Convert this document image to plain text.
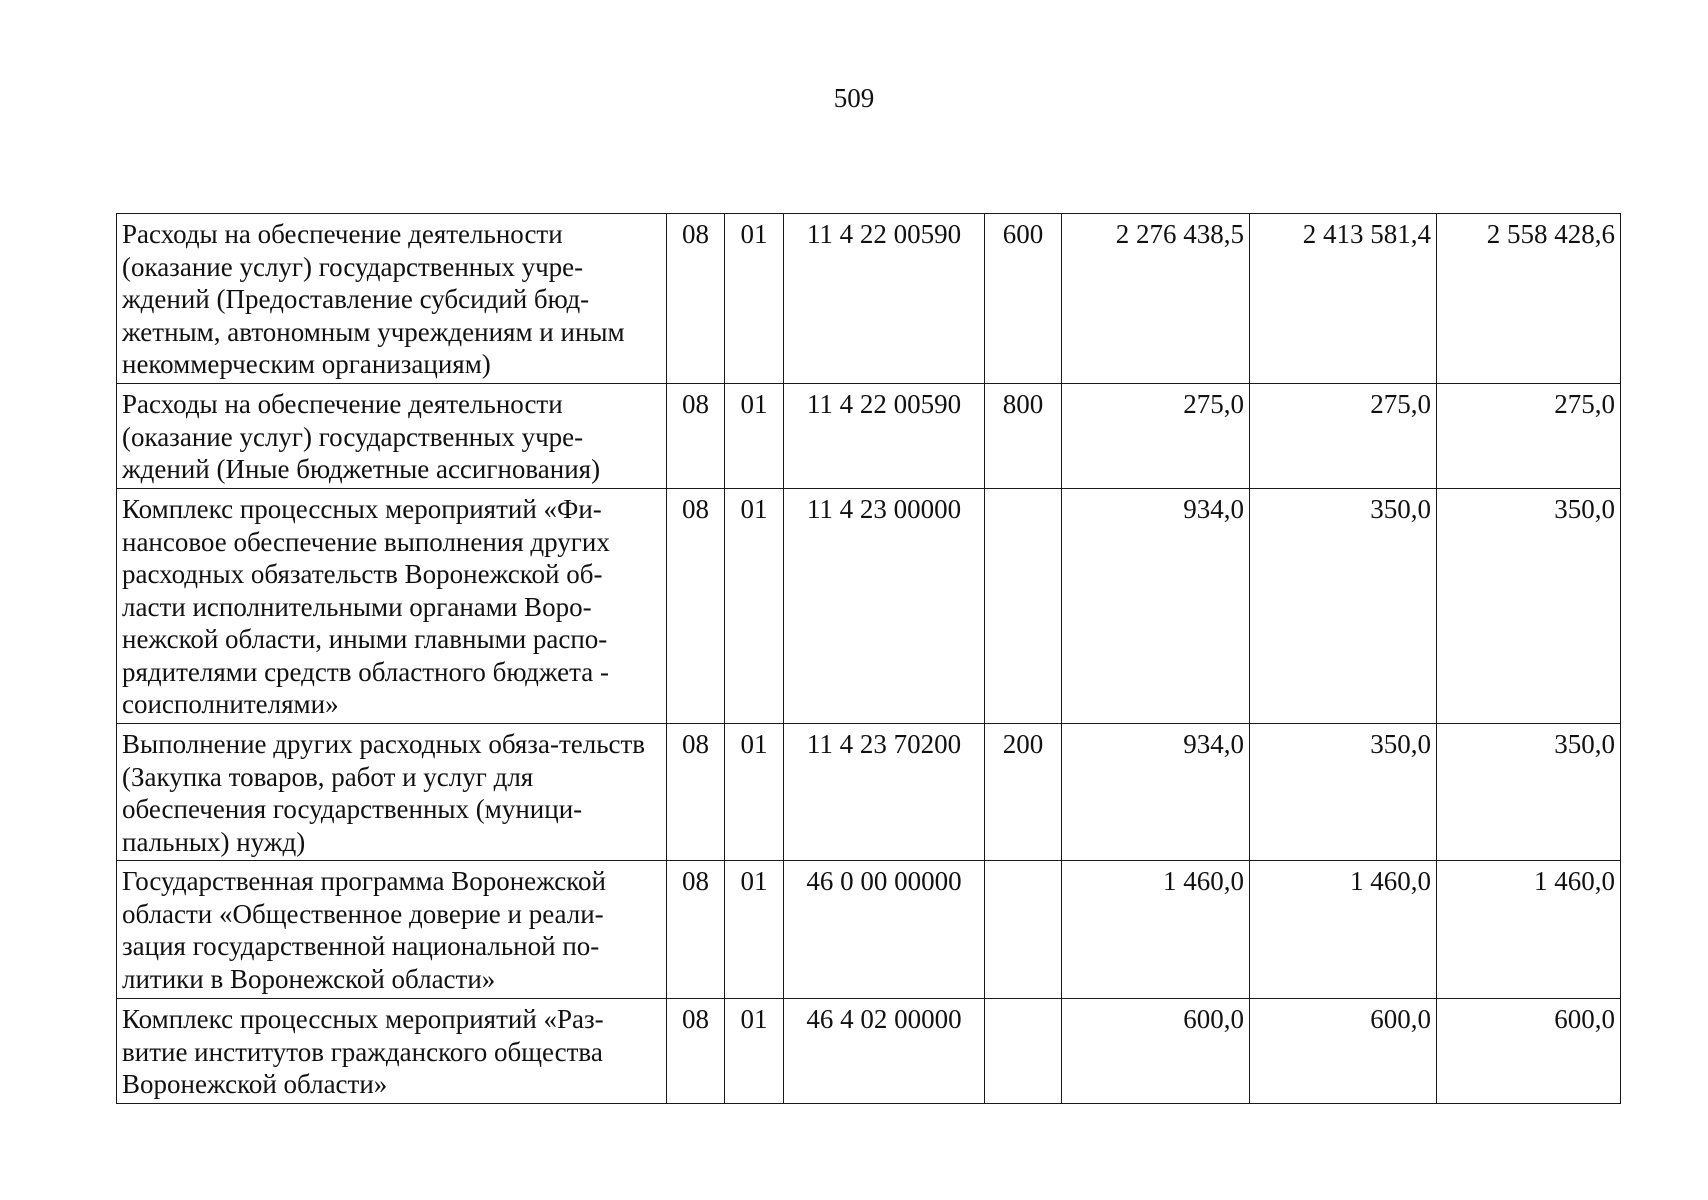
509
Расходы на обеспечение деятельности (оказание услуг) государственных учре-ждений (Предоставление субсидий бюд-жетным, автономным учреждениям и иным некоммерческим организациям)	08	01	11 4 22 00590	600	2 276 438,5	2 413 581,4	2 558 428,6
Расходы на обеспечение деятельности (оказание услуг) государственных учре-ждений (Иные бюджетные ассигнования)	08	01	11 4 22 00590	800	275,0	275,0	275,0
Комплекс процессных мероприятий «Фи-нансовое обеспечение выполнения других расходных обязательств Воронежской об-ласти исполнительными органами Воро-нежской области, иными главными распо-рядителями средств областного бюджета - соисполнителями»	08	01	11 4 23 00000		934,0	350,0	350,0
Выполнение других расходных обяза-тельств (Закупка товаров, работ и услуг для обеспечения государственных (муници-пальных) нужд)	08	01	11 4 23 70200	200	934,0	350,0	350,0
Государственная программа Воронежской области «Общественное доверие и реали-зация государственной национальной по-литики в Воронежской области»	08	01	46 0 00 00000		1 460,0	1 460,0	1 460,0
Комплекс процессных мероприятий «Раз-витие институтов гражданского общества Воронежской области»	08	01	46 4 02 00000		600,0	600,0	600,0
